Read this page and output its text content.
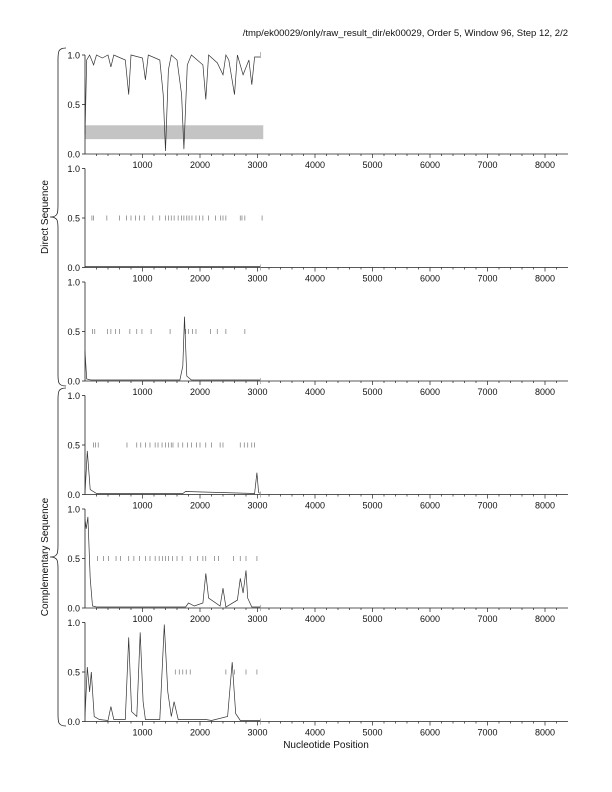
/tmp/ek00029/only/raw_result_dir/ek00029, Order 5, Window 96, Step 12, 2/2
0.0
0.5
1.0
1000	2000	3000	4000	5000	6000	7000	8000
0.0
0.5
1.0
1000	2000	3000	4000	5000	6000	7000	8000
0.0
0.5
1.0
1000	2000	3000	4000	5000	6000	7000	8000
0.0
0.5
1.0
1000	2000	3000	4000	5000	6000	7000	8000
0.0
0.5
1.0
1000	2000	3000	4000	5000	6000	7000	8000
0.0
0.5
1.0
1000	2000	3000	4000	5000	6000	7000	8000
Direct Sequence
Complementary Sequence
Nucleotide Position
